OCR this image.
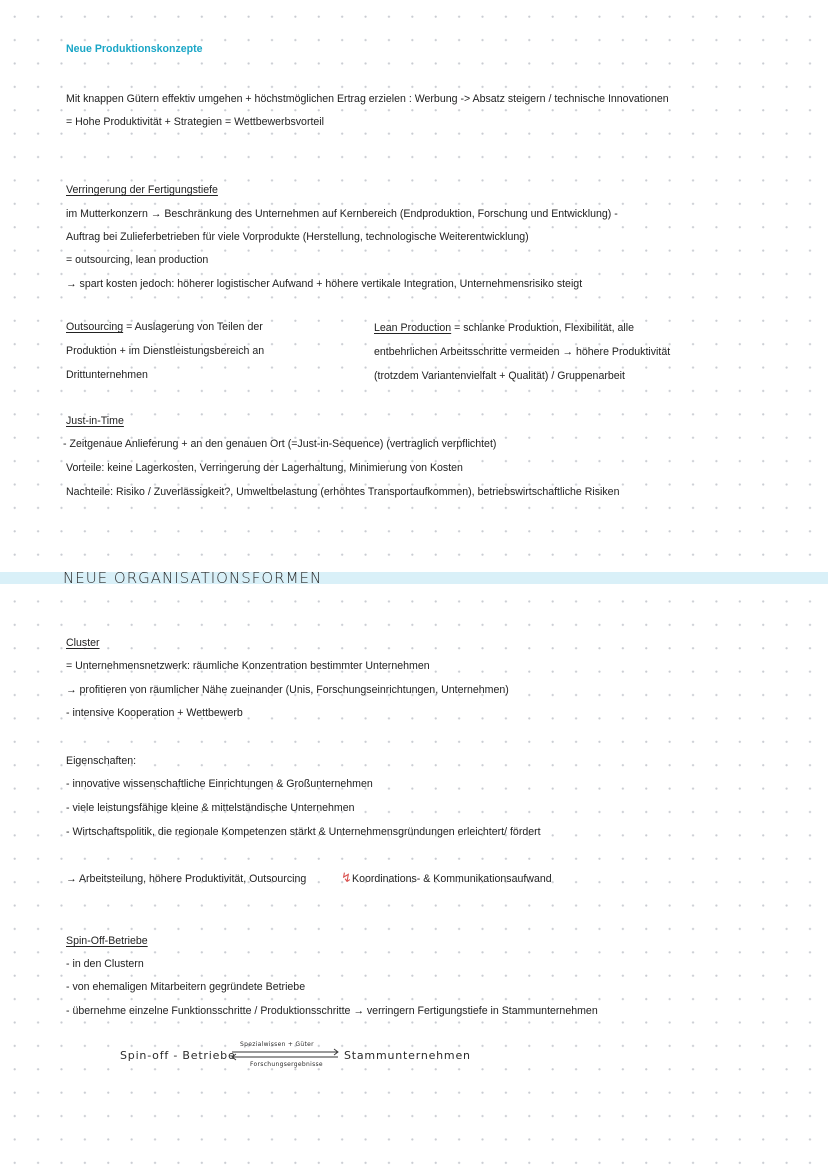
Neue Produktionskonzepte
Mit knappen Gütern effektiv umgehen + höchstmöglichen Ertrag erzielen : Werbung -> Absatz steigern / technische Innovationen
= Hohe Produktivität + Strategien = Wettbewerbsvorteil
Verringerung der Fertigungstiefe
im Mutterkonzern → Beschränkung des Unternehmen auf Kernbereich (Endproduktion, Forschung und Entwicklung) -
Auftrag bei Zulieferbetrieben für viele Vorprodukte (Herstellung, technologische Weiterentwicklung)
= outsourcing, lean production
→ spart kosten jedoch: höherer logistischer Aufwand + höhere vertikale Integration, Unternehmensrisiko steigt
Outsourcing = Auslagerung von Teilen der
Produktion + im Dienstleistungsbereich an
Drittunternehmen
Lean Production = schlanke Produktion, Flexibilität, alle
entbehrlichen Arbeitsschritte vermeiden → höhere Produktivität
(trotzdem Variantenvielfalt + Qualität) / Gruppenarbeit
Just-in-Time
- Zeitgenaue Anlieferung + an den genauen Ort (=Just-in-Sequence) (vertraglich verpflichtet)
Vorteile: keine Lagerkosten, Verringerung der Lagerhaltung, Minimierung von Kosten
Nachteile: Risiko / Zuverlässigkeit?, Umweltbelastung (erhöhtes Transportaufkommen), betriebswirtschaftliche Risiken
NEUE ORGANISATIONSFORMEN
Cluster
= Unternehmensnetzwerk: räumliche Konzentration bestimmter Unternehmen
→ profitieren von räumlicher Nähe zueinander (Unis, Forschungseinrichtungen, Unternehmen)
- intensive Kooperation + Wettbewerb
Eigenschaften:
- innovative wissenschaftliche Einrichtungen & Großunternehmen
- viele leistungsfähige kleine & mittelständische Unternehmen
- Wirtschaftspolitik, die regionale Kompetenzen stärkt & Unternehmensgründungen erleichtert/ fördert
→ Arbeitsteilung, höhere Produktivität, Outsourcing	↯ Koordinations- & Kommunikationsaufwand
Spin-Off-Betriebe
- in den Clustern
- von ehemaligen Mitarbeitern gegründete Betriebe
- übernehme einzelne Funktionsschritte / Produktionsschritte → verringern Fertigungstiefe in Stammunternehmen
Spin-off - Betriebe
Spezialwissen + Güter
Forschungsergebnisse
Stammunternehmen
